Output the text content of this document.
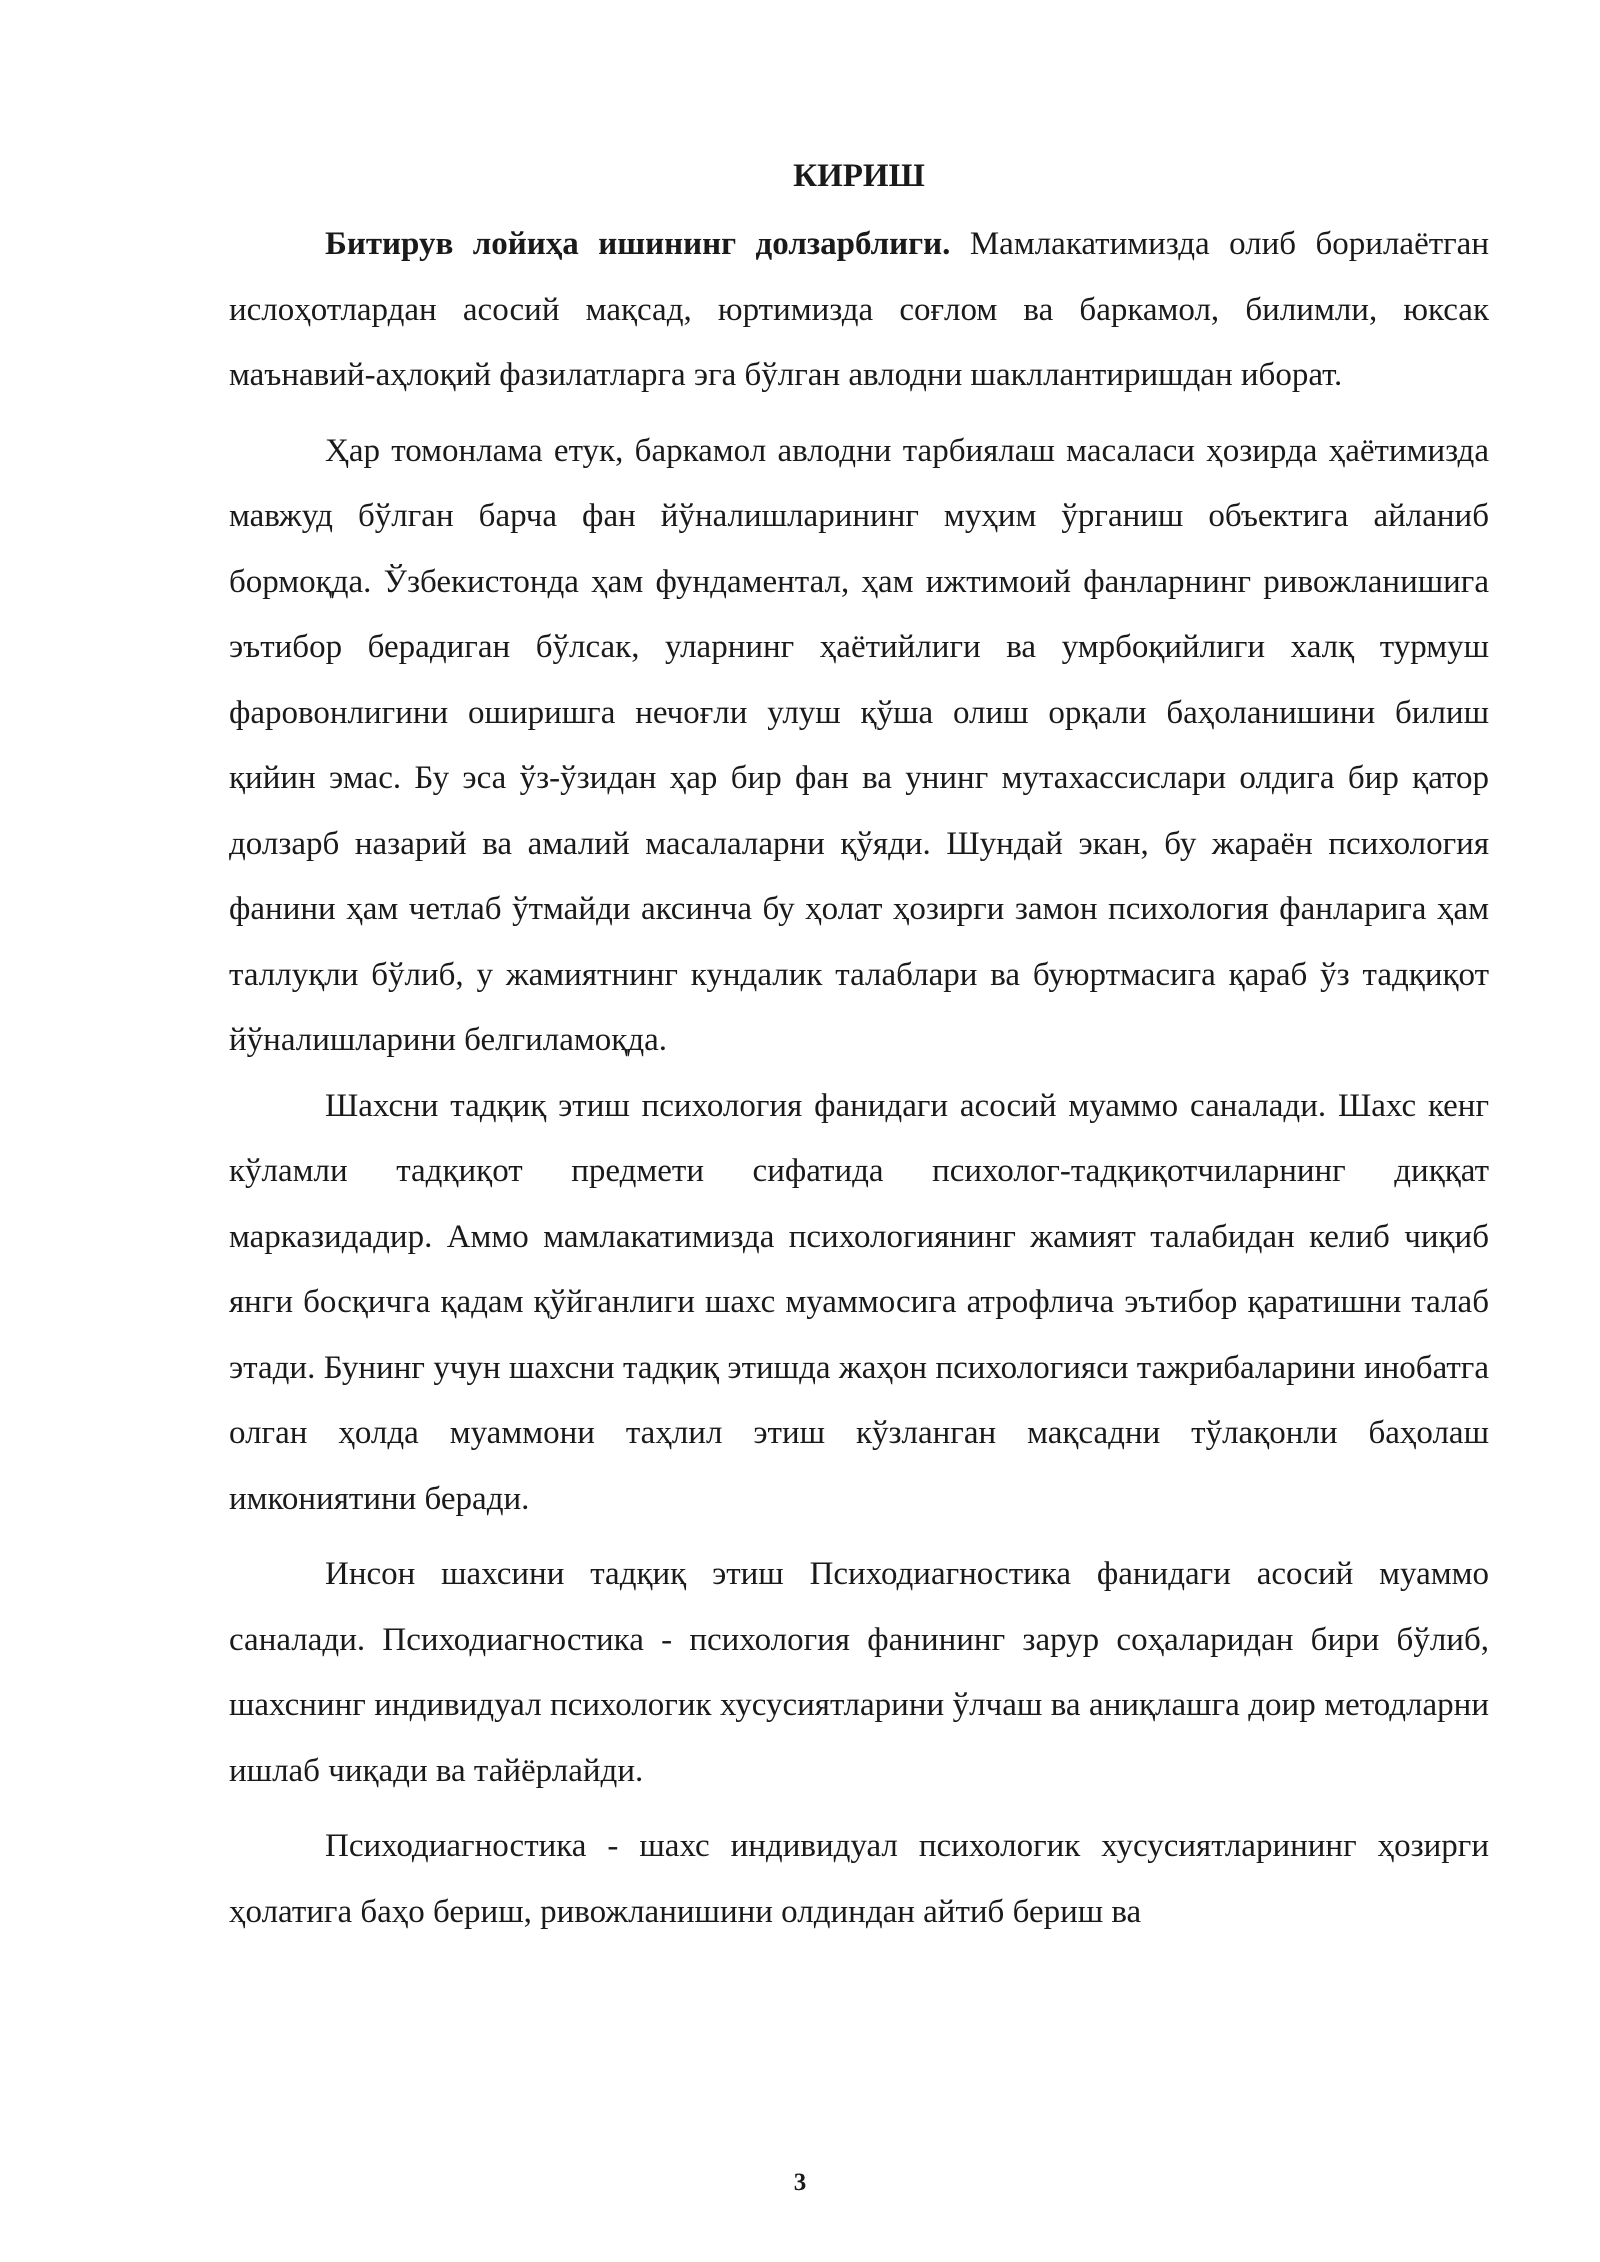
КИРИШ

Битирув лойиҳа ишининг долзарблиги. Мамлакатимизда олиб борилаётган ислоҳотлардан асосий мақсад, юртимизда соғлом ва баркамол, билимли, юксак маънавий-аҳлоқий фазилатларга эга бўлган авлодни шакллантиришдан иборат.

Ҳар томонлама етук, баркамол авлодни тарбиялаш масаласи ҳозирда ҳаётимизда мавжуд бўлган барча фан йўналишларининг муҳим ўрганиш объектига айланиб бормоқда. Ўзбекистонда ҳам фундаментал, ҳам ижтимоий фанларнинг ривожланишига эътибор берадиган бўлсак, уларнинг ҳаётийлиги ва умрбоқийлиги халқ турмуш фаровонлигини оширишга нечоғли улуш қўша олиш орқали баҳоланишини билиш қийин эмас. Бу эса ўз-ўзидан ҳар бир фан ва унинг мутахассислари олдига бир қатор долзарб назарий ва амалий масалаларни қўяди. Шундай экан, бу жараён психология фанини ҳам четлаб ўтмайди аксинча бу ҳолат ҳозирги замон психология фанларига ҳам таллуқли бўлиб, у жамиятнинг кундалик талаблари ва буюртмасига қараб ўз тадқиқот йўналишларини белгиламоқда.

Шахсни тадқиқ этиш психология фанидаги асосий муаммо саналади. Шахс кенг кўламли тадқиқот предмети сифатида психолог-тадқиқотчиларнинг диққат марказидадир. Аммо мамлакатимизда психологиянинг жамият талабидан келиб чиқиб янги босқичга қадам қўйганлиги шахс муаммосига атрофлича эътибор қаратишни талаб этади. Бунинг учун шахсни тадқиқ этишда жаҳон психологияси тажрибаларини инобатга олган ҳолда муаммони таҳлил этиш кўзланган мақсадни тўлақонли баҳолаш имкониятини беради.

Инсон шахсини тадқиқ этиш Психодиагностика фанидаги асосий муаммо саналади. Психодиагностика - психология фанининг зарур соҳаларидан бири бўлиб, шахснинг индивидуал психологик хусусиятларини ўлчаш ва аниқлашга доир методларни ишлаб чиқади ва тайёрлайди.

Психодиагностика - шахс индивидуал психологик хусусиятларининг ҳозирги ҳолатига баҳо бериш, ривожланишини олдиндан айтиб бериш ва

3
